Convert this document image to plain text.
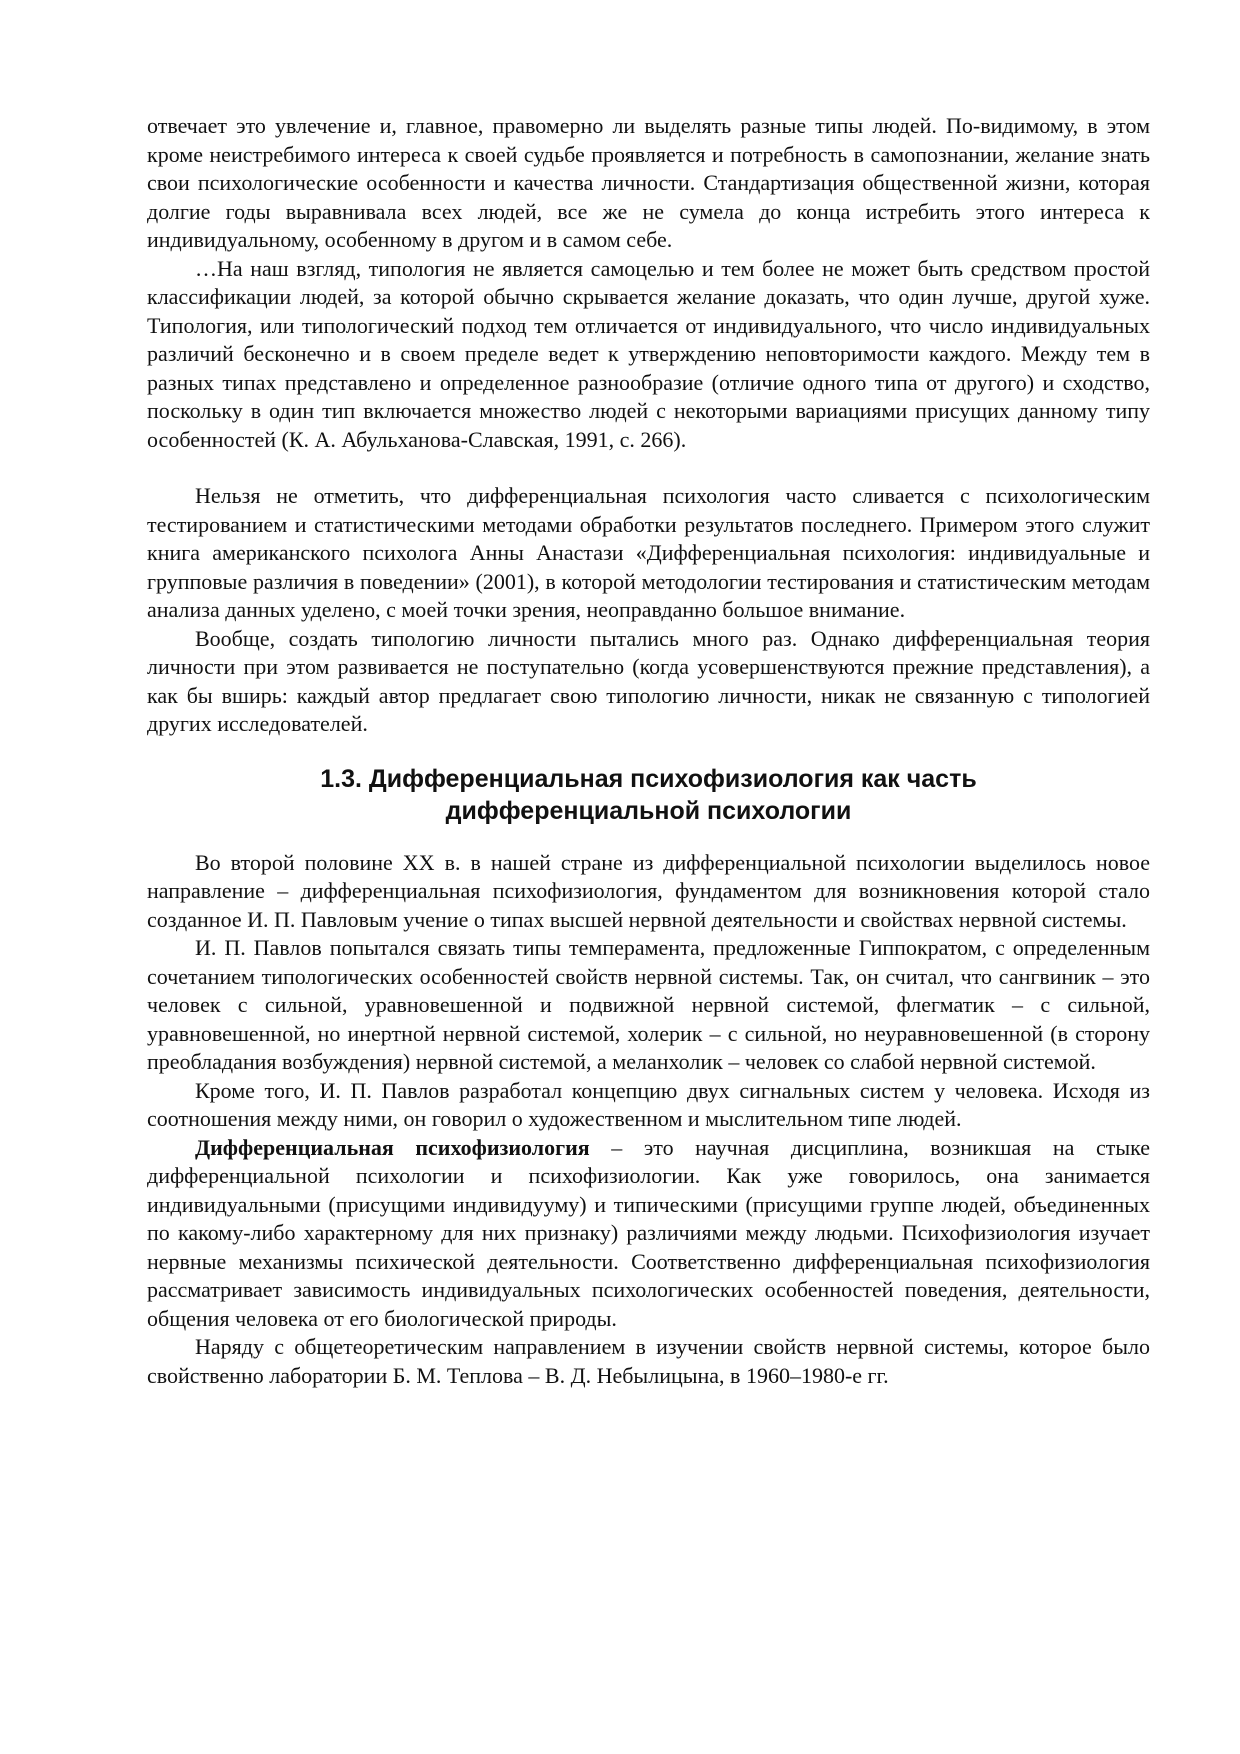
отвечает это увлечение и, главное, правомерно ли выделять разные типы людей. По-видимому, в этом кроме неистребимого интереса к своей судьбе проявляется и потребность в самопознании, желание знать свои психологические особенности и качества личности. Стандартизация общественной жизни, которая долгие годы выравнивала всех людей, все же не сумела до конца истребить этого интереса к индивидуальному, особенному в другом и в самом себе.

…На наш взгляд, типология не является самоцелью и тем более не может быть средством простой классификации людей, за которой обычно скрывается желание доказать, что один лучше, другой хуже. Типология, или типологический подход тем отличается от индивидуального, что число индивидуальных различий бесконечно и в своем пределе ведет к утверждению неповторимости каждого. Между тем в разных типах представлено и определенное разнообразие (отличие одного типа от другого) и сходство, поскольку в один тип включается множество людей с некоторыми вариациями присущих данному типу особенностей (К. А. Абульханова-Славская, 1991, с. 266).

Нельзя не отметить, что дифференциальная психология часто сливается с психологическим тестированием и статистическими методами обработки результатов последнего. Примером этого служит книга американского психолога Анны Анастази «Дифференциальная психология: индивидуальные и групповые различия в поведении» (2001), в которой методологии тестирования и статистическим методам анализа данных уделено, с моей точки зрения, неоправданно большое внимание.

Вообще, создать типологию личности пытались много раз. Однако дифференциальная теория личности при этом развивается не поступательно (когда усовершенствуются прежние представления), а как бы вширь: каждый автор предлагает свою типологию личности, никак не связанную с типологией других исследователей.

1.3. Дифференциальная психофизиология как часть
дифференциальной психологии

Во второй половине XX в. в нашей стране из дифференциальной психологии выделилось новое направление – дифференциальная психофизиология, фундаментом для возникновения которой стало созданное И. П. Павловым учение о типах высшей нервной деятельности и свойствах нервной системы.

И. П. Павлов попытался связать типы темперамента, предложенные Гиппократом, с определенным сочетанием типологических особенностей свойств нервной системы. Так, он считал, что сангвиник – это человек с сильной, уравновешенной и подвижной нервной системой, флегматик – с сильной, уравновешенной, но инертной нервной системой, холерик – с сильной, но неуравновешенной (в сторону преобладания возбуждения) нервной системой, а меланхолик – человек со слабой нервной системой.

Кроме того, И. П. Павлов разработал концепцию двух сигнальных систем у человека. Исходя из соотношения между ними, он говорил о художественном и мыслительном типе людей.

Дифференциальная психофизиология – это научная дисциплина, возникшая на стыке дифференциальной психологии и психофизиологии. Как уже говорилось, она занимается индивидуальными (присущими индивидууму) и типическими (присущими группе людей, объединенных по какому-либо характерному для них признаку) различиями между людьми. Психофизиология изучает нервные механизмы психической деятельности. Соответственно дифференциальная психофизиология рассматривает зависимость индивидуальных психологических особенностей поведения, деятельности, общения человека от его биологической природы.

Наряду с общетеоретическим направлением в изучении свойств нервной системы, которое было свойственно лаборатории Б. М. Теплова – В. Д. Небылицына, в 1960–1980-е гг.
